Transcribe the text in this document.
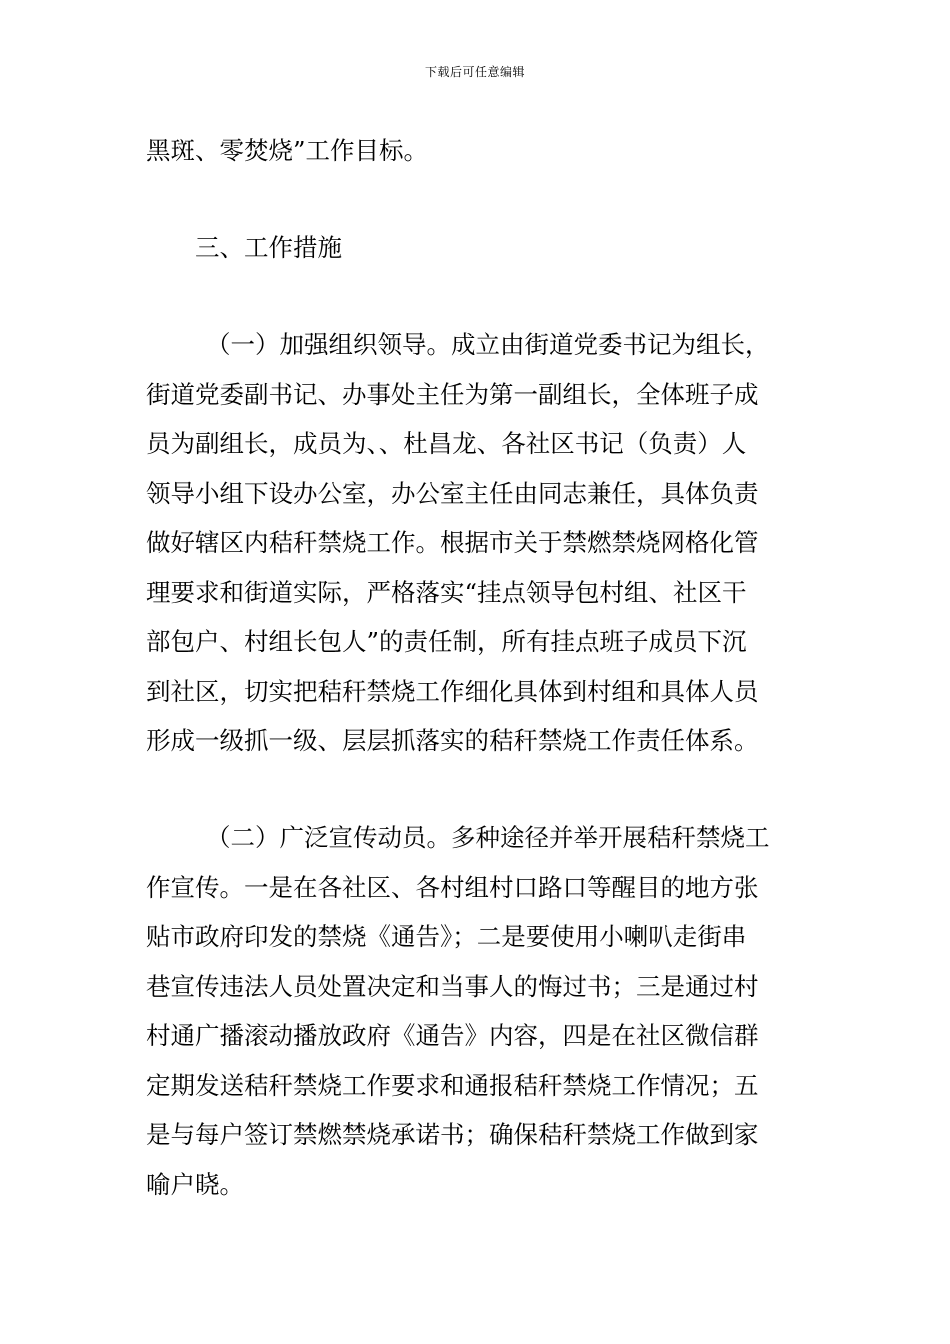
下载后可任意编辑

黑斑、零焚烧”工作目标。

三、工作措施

（一）加强组织领导。成立由街道党委书记为组长，
街道党委副书记、办事处主任为第一副组长，全体班子成
员为副组长，成员为、、杜昌龙、各社区书记（负责）人
领导小组下设办公室，办公室主任由同志兼任，具体负责
做好辖区内秸秆禁烧工作。根据市关于禁燃禁烧网格化管
理要求和街道实际，严格落实“挂点领导包村组、社区干
部包户、村组长包人”的责任制，所有挂点班子成员下沉
到社区，切实把秸秆禁烧工作细化具体到村组和具体人员
形成一级抓一级、层层抓落实的秸秆禁烧工作责任体系。

（二）广泛宣传动员。多种途径并举开展秸秆禁烧工
作宣传。一是在各社区、各村组村口路口等醒目的地方张
贴市政府印发的禁烧《通告》；二是要使用小喇叭走街串
巷宣传违法人员处置决定和当事人的悔过书；三是通过村
村通广播滚动播放政府《通告》内容，四是在社区微信群
定期发送秸秆禁烧工作要求和通报秸秆禁烧工作情况；五
是与每户签订禁燃禁烧承诺书；确保秸秆禁烧工作做到家
喻户晓。
